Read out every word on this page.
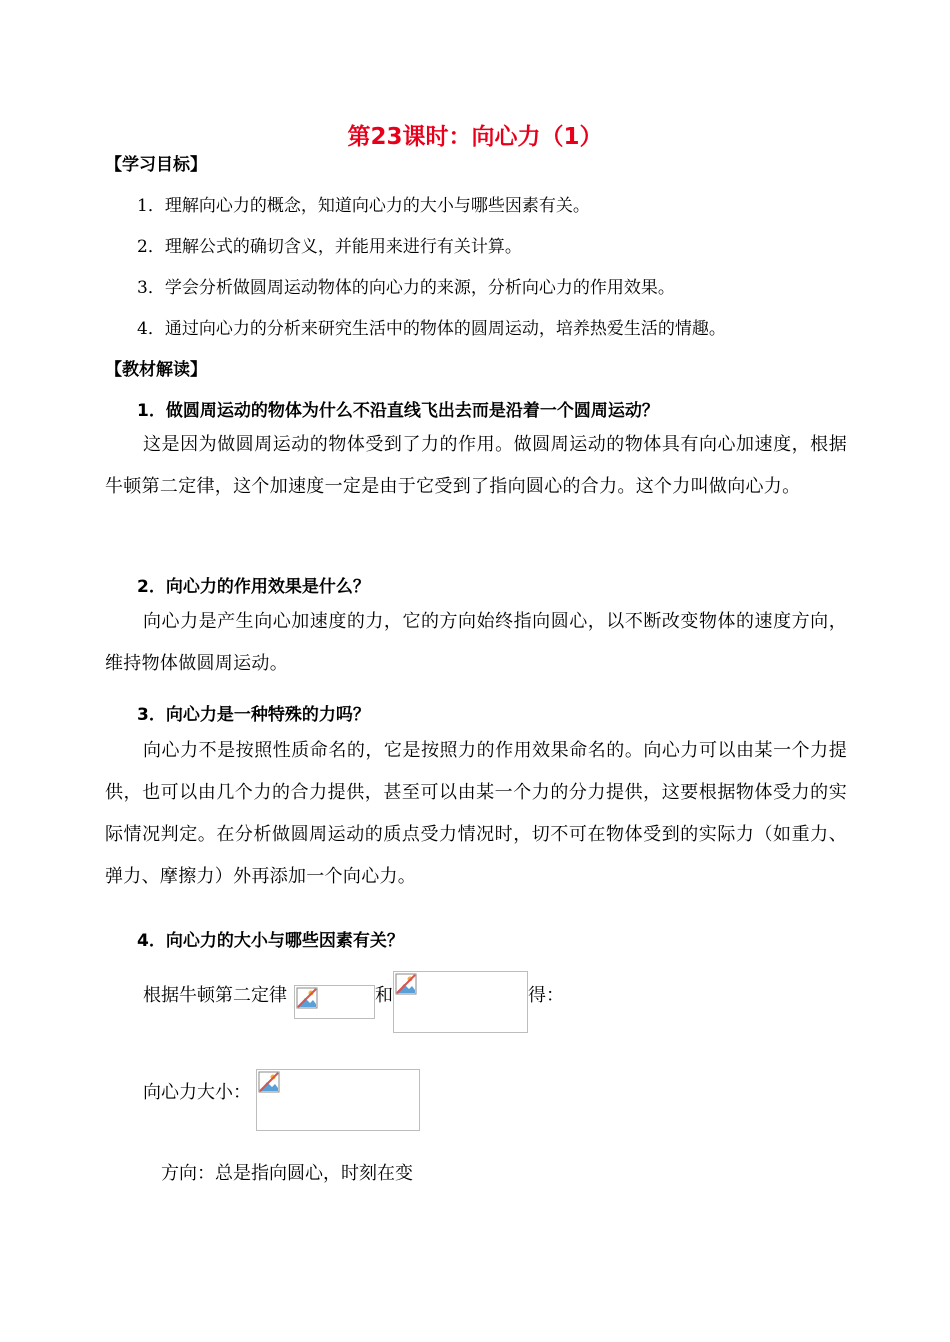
第23课时：向心力（1）
【学习目标】
1．理解向心力的概念，知道向心力的大小与哪些因素有关。
2．理解公式的确切含义，并能用来进行有关计算。
3．学会分析做圆周运动物体的向心力的来源，分析向心力的作用效果。
4．通过向心力的分析来研究生活中的物体的圆周运动，培养热爱生活的情趣。
【教材解读】
1．做圆周运动的物体为什么不沿直线飞出去而是沿着一个圆周运动？
这是因为做圆周运动的物体受到了力的作用。做圆周运动的物体具有向心加速度，根据牛顿第二定律，这个加速度一定是由于它受到了指向圆心的合力。这个力叫做向心力。
2．向心力的作用效果是什么？
向心力是产生向心加速度的力，它的方向始终指向圆心，以不断改变物体的速度方向，维持物体做圆周运动。
3．向心力是一种特殊的力吗？
向心力不是按照性质命名的，它是按照力的作用效果命名的。向心力可以由某一个力提供，也可以由几个力的合力提供，甚至可以由某一个力的分力提供，这要根据物体受力的实际情况判定。在分析做圆周运动的质点受力情况时，切不可在物体受到的实际力（如重力、弹力、摩擦力）外再添加一个向心力。
4．向心力的大小与哪些因素有关？
根据牛顿第二定律	和	得：
向心力大小：
方向：总是指向圆心，时刻在变
